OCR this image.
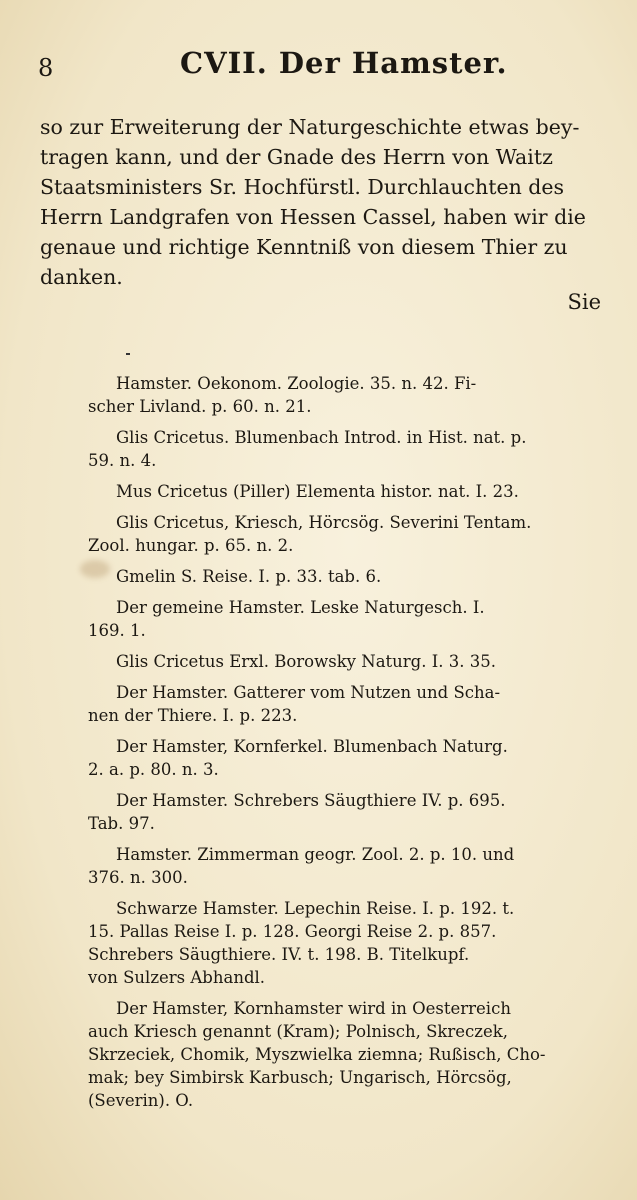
8	CVII. Der Hamster.
so zur Erweiterung der Naturgeschichte etwas bey-
tragen kann, und der Gnade des Herrn von Waitz
Staatsministers Sr. Hochfürstl. Durchlauchten des
Herrn Landgrafen von Hessen Cassel, haben wir die
genaue und richtige Kenntniß von diesem Thier zu
danken.
Sie
Hamster. Oekonom. Zoologie. 35. n. 42. Fi-
scher Livland. p. 60. n. 21.
Glis Cricetus. Blumenbach Introd. in Hist. nat. p.
59. n. 4.
Mus Cricetus (Piller) Elementa histor. nat. I. 23.
Glis Cricetus, Kriesch, Hörcsög. Severini Tentam.
Zool. hungar. p. 65. n. 2.
Gmelin S. Reise. I. p. 33. tab. 6.
Der gemeine Hamster. Leske Naturgesch. I.
169. 1.
Glis Cricetus Erxl. Borowsky Naturg. I. 3. 35.
Der Hamster. Gatterer vom Nutzen und Scha-
nen der Thiere. I. p. 223.
Der Hamster, Kornferkel. Blumenbach Naturg.
2. a. p. 80. n. 3.
Der Hamster. Schrebers Säugthiere IV. p. 695.
Tab. 97.
Hamster. Zimmerman geogr. Zool. 2. p. 10. und
376. n. 300.
Schwarze Hamster. Lepechin Reise. I. p. 192. t.
15. Pallas Reise I. p. 128. Georgi Reise 2. p. 857.
Schrebers Säugthiere. IV. t. 198. B. Titelkupf.
von Sulzers Abhandl.
Der Hamster, Kornhamster wird in Oesterreich
auch Kriesch genannt (Kram); Polnisch, Skreczek,
Skrzeciek, Chomik, Myszwielka ziemna; Rußisch, Cho-
mak; bey Simbirsk Karbusch; Ungarisch, Hörcsög,
(Severin). O.
